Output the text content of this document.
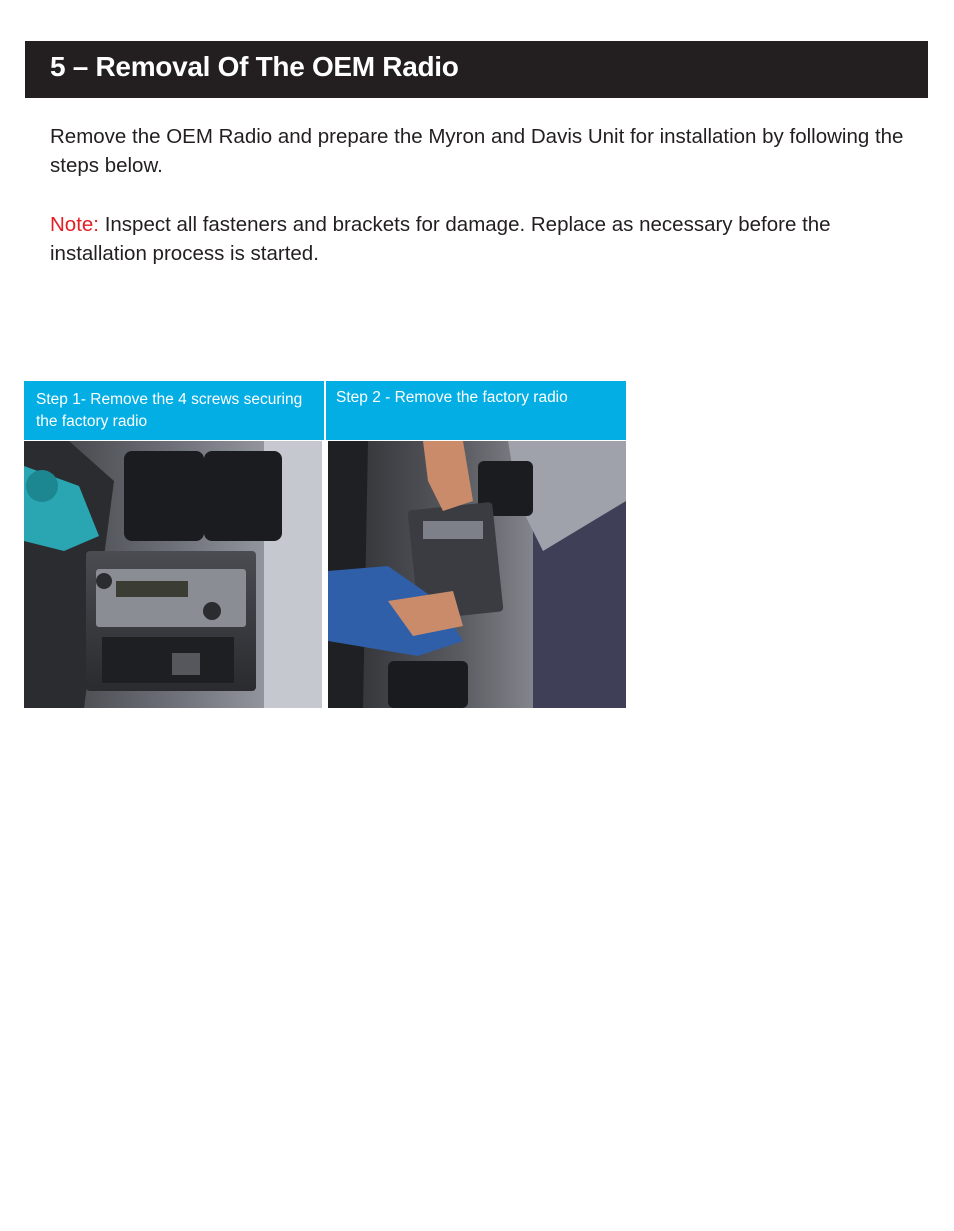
5 – Removal Of The OEM Radio

Remove the OEM Radio and prepare the Myron and Davis Unit for installation by following the steps below.

Note: Inspect all fasteners and brackets for damage. Replace as necessary before the installation process is started.

Step 1- Remove the 4 screws securing the factory radio
Step 2 - Remove the factory radio
